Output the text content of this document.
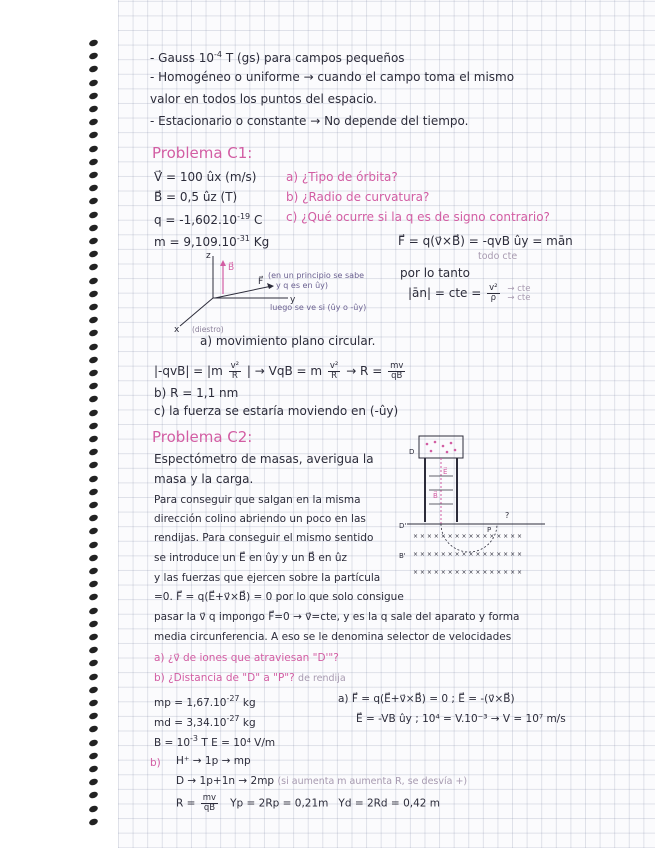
- Gauss $10^{-4}$ T (gs) para campos pequeños
- Homogéneo o uniforme → cuando el campo toma el mismo
valor en todos los puntos del espacio.
- Estacionario o constante → No depende del tiempo.
Problema C1:
V⃗ = 100 ûx (m/s)
B⃗ = 0,5 ûz (T)
$q = -1,602.10^{-19}$ C
$m = 9,109.10^{-31}$ Kg
a) ¿Tipo de órbita?
b) ¿Radio de curvatura?
c) ¿Qué ocurre si la q es de signo contrario?
F⃗ = q(v⃗×B⃗) = -qvB ûy = mān
todo cte
por lo tanto
|ān| = cte = $\frac{\text{v²}}{\rho}$
→ cte
→ cte
z
B⃗
F⃗
y
x (diestro)
(en un principio se sabe
y q es en ûy)
luego se ve si (ûy o -ûy)
a) movimiento plano circular.
$|-qvB| = |m \frac{\text{v²}}{R}$ | → VqB = m $\frac{\text{v²}}{R} \to R = \frac{mv}{qB}$
b) R = 1,1 nm
c) la fuerza se estaría moviendo en (-ûy)
Problema C2:
Espectómetro de masas, averigua la
masa y la carga.
Para conseguir que salgan en la misma
dirección colino abriendo un poco en las
rendijas. Para conseguir el mismo sentido
se introduce un E⃗ en ûy y un B⃗ en ûz
y las fuerzas que ejercen sobre la partícula
=0. F⃗ = q(E⃗+v⃗×B⃗) = 0 por lo que solo consigue
pasar la v⃗ q impongo F⃗=0 → v⃗=cte, y es la q sale del aparato y forma
media circunferencia. A eso se le denomina selector de velocidades
× × × × × × × × × × × × × × × ×
× × × × × × × × × × × × × × × ×
× × × × × × × × × × × × × × × ×
D
D'
B'
P
E⃗
B⃗
?
a) ¿v⃗ de iones que atraviesan "D'"?
b) ¿Distancia de "D" a "P"? de rendija
mp = $1,67.10^{-27}$ kg
md = $3,34.10^{-27}$ kg
$B = 10^{-3}$ T E = 10⁴ V/m
a) F⃗ = q(E⃗+v⃗×B⃗) = 0 ; E⃗ = -(v⃗×B⃗)
E⃗ = -VB ûy ; 10⁴ = V.10⁻³ → V = 10⁷ m/s
b) H⁺ → 1p → mp
D → 1p+1n → 2mp (si aumenta m aumenta R, se desvía +)
$R = \frac{mv}{qB}$ Yp = 2Rp = 0,21m Yd = 2Rd = 0,42 m
